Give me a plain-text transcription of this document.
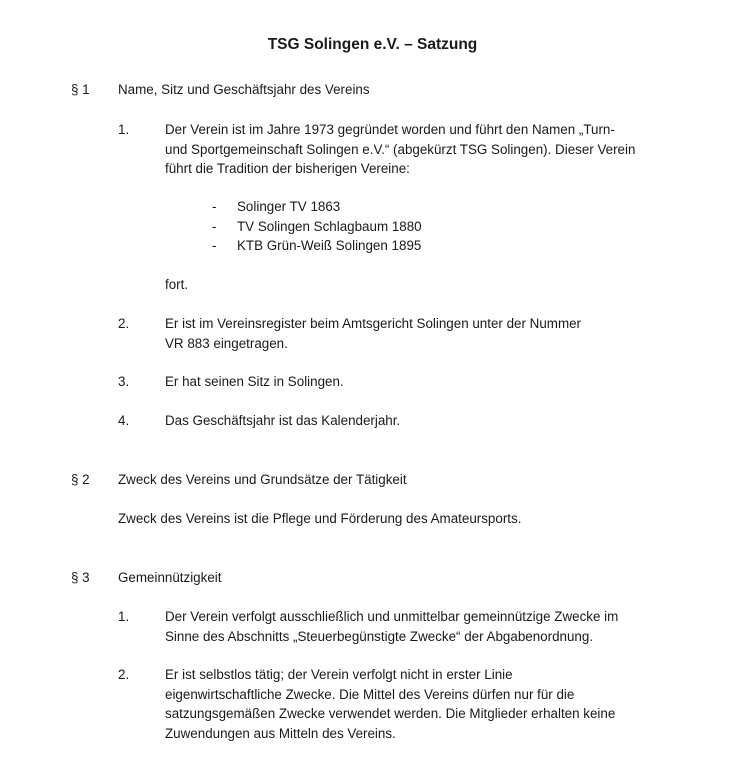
TSG Solingen e.V. – Satzung
§ 1 Name, Sitz und Geschäftsjahr des Vereins
1.	Der Verein ist im Jahre 1973 gegründet worden und führt den Namen „Turn-
und Sportgemeinschaft Solingen e.V.“ (abgekürzt TSG Solingen). Dieser Verein
führt die Tradition der bisherigen Vereine:
- Solinger TV 1863
- TV Solingen Schlagbaum 1880
- KTB Grün-Weiß Solingen 1895
fort.
2.	Er ist im Vereinsregister beim Amtsgericht Solingen unter der Nummer
VR 883 eingetragen.
3.	Er hat seinen Sitz in Solingen.
4.	Das Geschäftsjahr ist das Kalenderjahr.
§ 2 Zweck des Vereins und Grundsätze der Tätigkeit
Zweck des Vereins ist die Pflege und Förderung des Amateursports.
§ 3 Gemeinnützigkeit
1.	Der Verein verfolgt ausschließlich und unmittelbar gemeinnützige Zwecke im
Sinne des Abschnitts „Steuerbegünstigte Zwecke“ der Abgabenordnung.
2.	Er ist selbstlos tätig; der Verein verfolgt nicht in erster Linie
eigenwirtschaftliche Zwecke. Die Mittel des Vereins dürfen nur für die
satzungsgemäßen Zwecke verwendet werden. Die Mitglieder erhalten keine
Zuwendungen aus Mitteln des Vereins.
